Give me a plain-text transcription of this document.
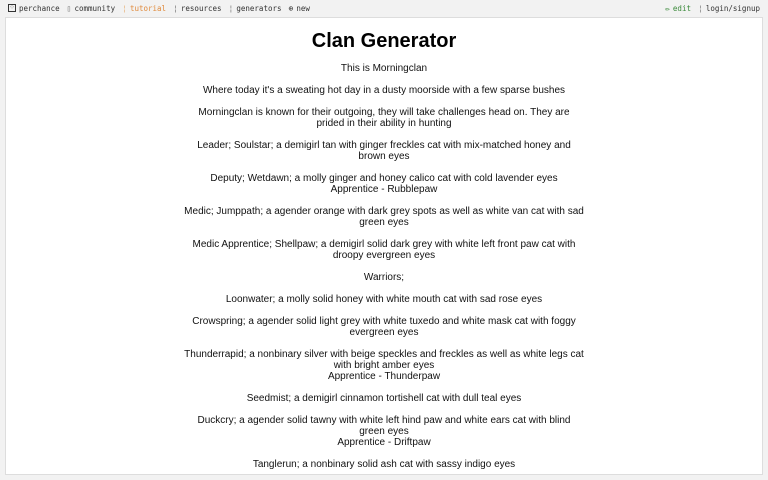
⁘ perchance ▯ community ¦ tutorial ¦ resources ¦ generators ⊕ new	✏ edit ¦ login/signup
Clan Generator
This is Morningclan
Where today it's a sweating hot day in a dusty moorside with a few sparse bushes
Morningclan is known for their outgoing, they will take challenges head on. They are prided in their ability in hunting
Leader; Soulstar; a demigirl tan with ginger freckles cat with mix-matched honey and brown eyes
Deputy; Wetdawn; a molly ginger and honey calico cat with cold lavender eyes
Apprentice - Rubblepaw
Medic; Jumppath; a agender orange with dark grey spots as well as white van cat with sad green eyes
Medic Apprentice; Shellpaw; a demigirl solid dark grey with white left front paw cat with droopy evergreen eyes
Warriors;
Loonwater; a molly solid honey with white mouth cat with sad rose eyes
Crowspring; a agender solid light grey with white tuxedo and white mask cat with foggy evergreen eyes
Thunderrapid; a nonbinary silver with beige speckles and freckles as well as white legs cat with bright amber eyes
Apprentice - Thunderpaw
Seedmist; a demigirl cinnamon tortishell cat with dull teal eyes
Duckcry; a agender solid tawny with white left hind paw and white ears cat with blind green eyes
Apprentice - Driftpaw
Tanglerun; a nonbinary solid ash cat with sassy indigo eyes
